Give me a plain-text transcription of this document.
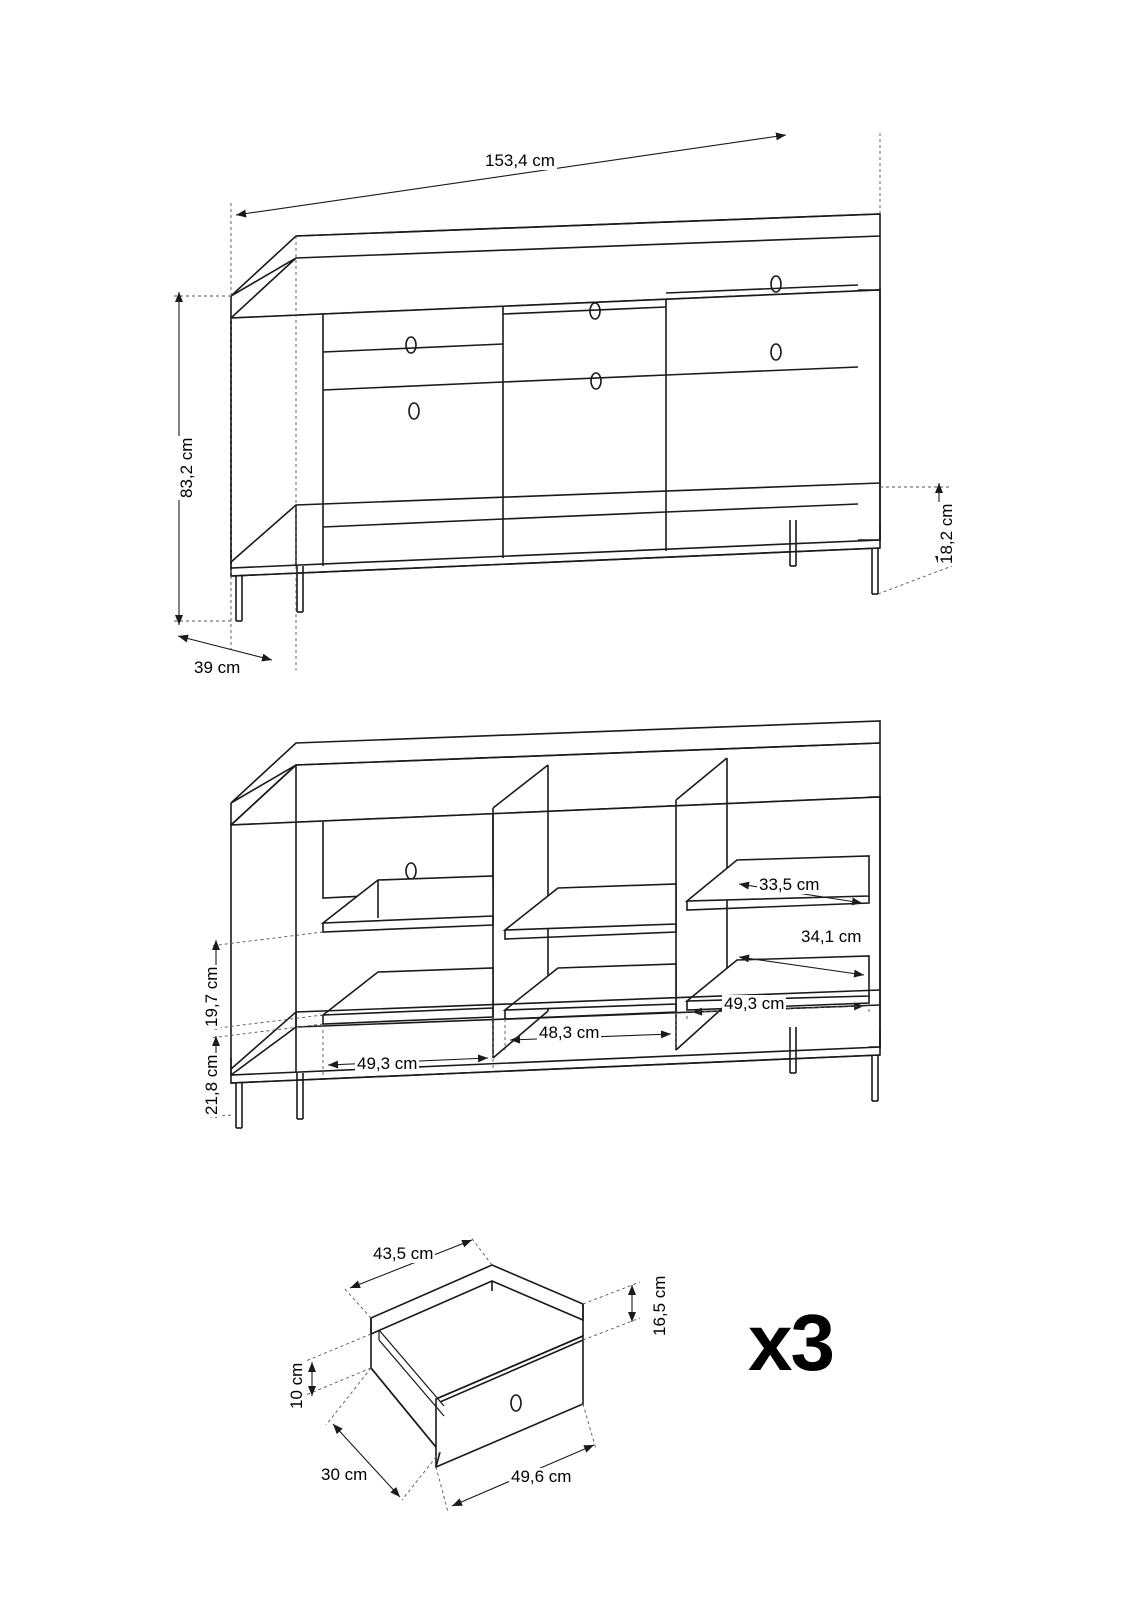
153,4 cm
83,2 cm
39 cm
18,2 cm
19,7 cm
21,8 cm
33,5 cm
34,1 cm
49,3 cm
48,3 cm
49,3 cm
43,5 cm
16,5 cm
10 cm
30 cm	49,6 cm
x3
